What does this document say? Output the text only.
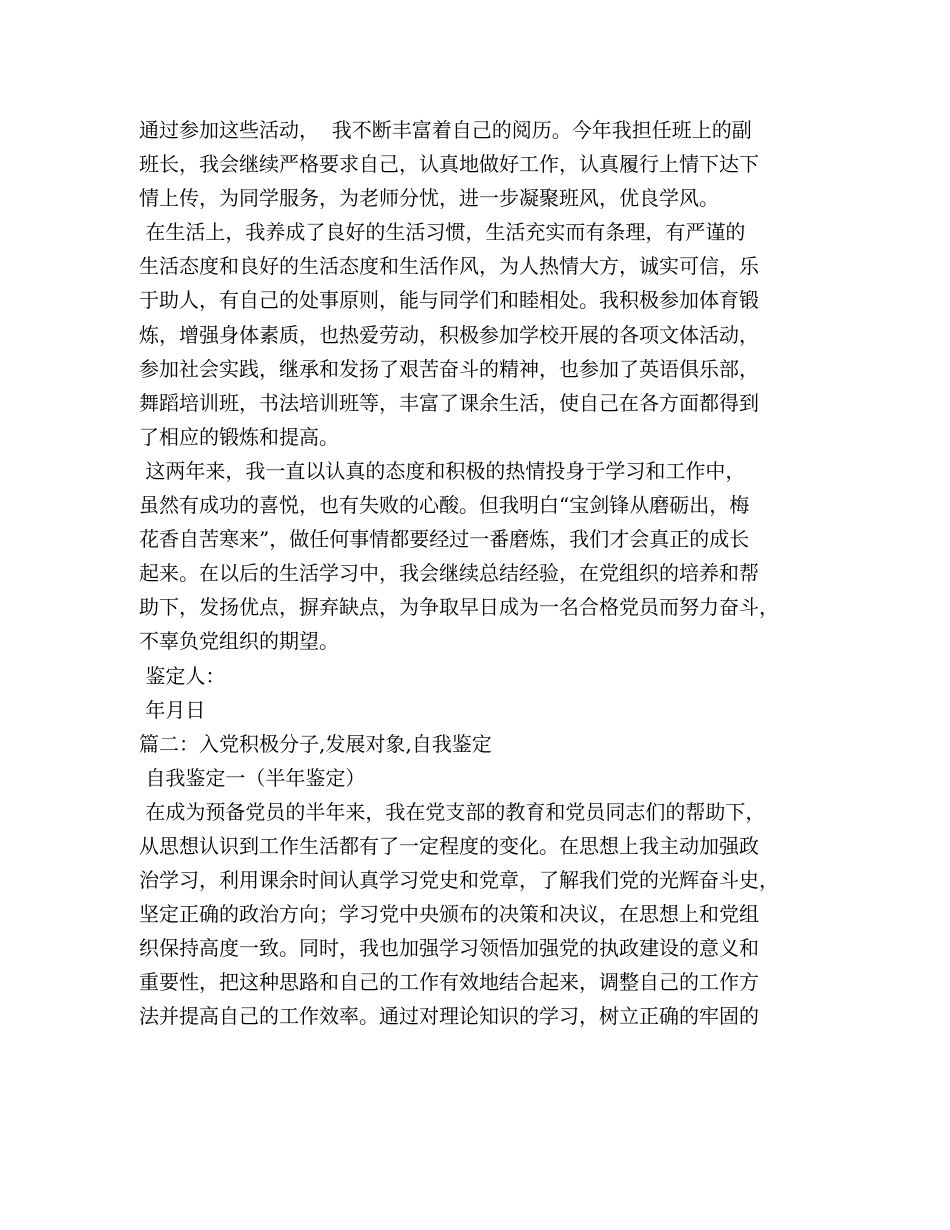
通过参加这些活动，  我不断丰富着自己的阅历。今年我担任班上的副
班长，我会继续严格要求自己，认真地做好工作，认真履行上情下达下
情上传，为同学服务，为老师分忧，进一步凝聚班风，优良学风。
在生活上，我养成了良好的生活习惯，生活充实而有条理，有严谨的
生活态度和良好的生活态度和生活作风，为人热情大方，诚实可信，乐
于助人，有自己的处事原则，能与同学们和睦相处。我积极参加体育锻
炼，增强身体素质，也热爱劳动，积极参加学校开展的各项文体活动，
参加社会实践，继承和发扬了艰苦奋斗的精神，也参加了英语俱乐部，
舞蹈培训班，书法培训班等，丰富了课余生活，使自己在各方面都得到
了相应的锻炼和提高。
这两年来，我一直以认真的态度和积极的热情投身于学习和工作中，
虽然有成功的喜悦，也有失败的心酸。但我明白“宝剑锋从磨砺出，梅
花香自苦寒来”，做任何事情都要经过一番磨炼，我们才会真正的成长
起来。在以后的生活学习中，我会继续总结经验，在党组织的培养和帮
助下，发扬优点，摒弃缺点，为争取早日成为一名合格党员而努力奋斗，
不辜负党组织的期望。
鉴定人：
年月日
篇二：入党积极分子,发展对象,自我鉴定
自我鉴定一（半年鉴定）
在成为预备党员的半年来，我在党支部的教育和党员同志们的帮助下，
从思想认识到工作生活都有了一定程度的变化。在思想上我主动加强政
治学习，利用课余时间认真学习党史和党章，了解我们党的光辉奋斗史，
坚定正确的政治方向；学习党中央颁布的决策和决议，在思想上和党组
织保持高度一致。同时，我也加强学习领悟加强党的执政建设的意义和
重要性，把这种思路和自己的工作有效地结合起来，调整自己的工作方
法并提高自己的工作效率。通过对理论知识的学习，树立正确的牢固的
